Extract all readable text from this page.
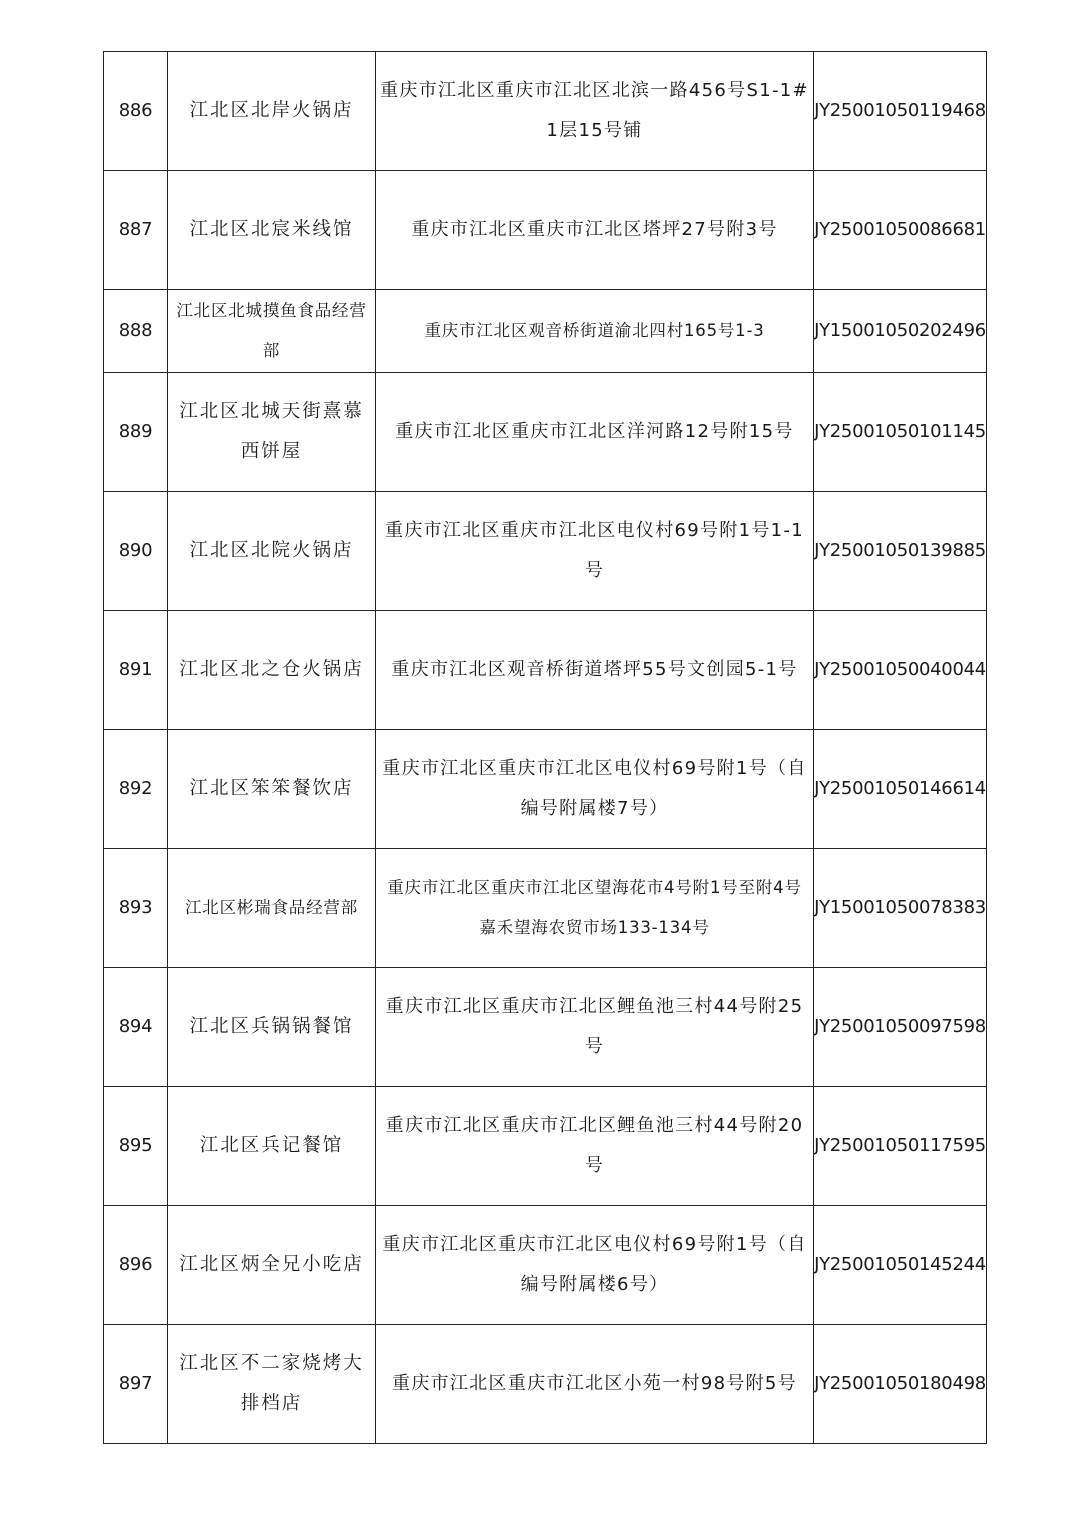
886	江北区北岸火锅店	重庆市江北区重庆市江北区北滨一路456号S1-1#1层15号铺	JY25001050119468
887	江北区北宸米线馆	重庆市江北区重庆市江北区塔坪27号附3号	JY25001050086681
888	江北区北城摸鱼食品经营部	重庆市江北区观音桥街道渝北四村165号1-3	JY15001050202496
889	江北区北城天街熹慕西饼屋	重庆市江北区重庆市江北区洋河路12号附15号	JY25001050101145
890	江北区北院火锅店	重庆市江北区重庆市江北区电仪村69号附1号1-1号	JY25001050139885
891	江北区北之仓火锅店	重庆市江北区观音桥街道塔坪55号文创园5-1号	JY25001050040044
892	江北区笨笨餐饮店	重庆市江北区重庆市江北区电仪村69号附1号（自编号附属楼7号）	JY25001050146614
893	江北区彬瑞食品经营部	重庆市江北区重庆市江北区望海花市4号附1号至附4号嘉禾望海农贸市场133-134号	JY15001050078383
894	江北区兵锅锅餐馆	重庆市江北区重庆市江北区鲤鱼池三村44号附25号	JY25001050097598
895	江北区兵记餐馆	重庆市江北区重庆市江北区鲤鱼池三村44号附20号	JY25001050117595
896	江北区炳全兄小吃店	重庆市江北区重庆市江北区电仪村69号附1号（自编号附属楼6号）	JY25001050145244
897	江北区不二家烧烤大排档店	重庆市江北区重庆市江北区小苑一村98号附5号	JY25001050180498
